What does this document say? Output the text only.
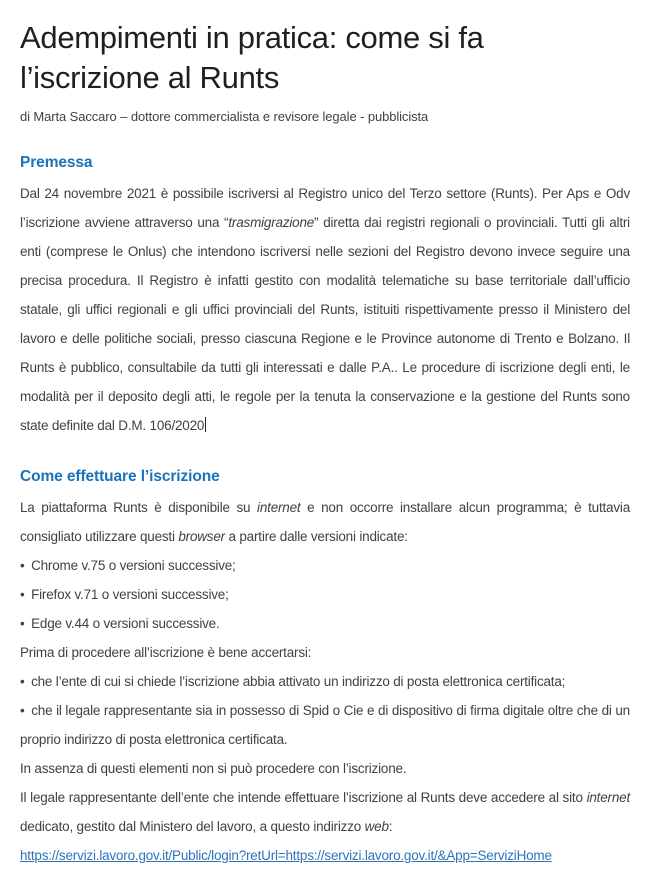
Adempimenti in pratica: come si fa l’iscrizione al Runts

di Marta Saccaro – dottore commercialista e revisore legale - pubblicista

Premessa

Dal 24 novembre 2021 è possibile iscriversi al Registro unico del Terzo settore (Runts). Per Aps e Odv l’iscrizione avviene attraverso una “trasmigrazione” diretta dai registri regionali o provinciali. Tutti gli altri enti (comprese le Onlus) che intendono iscriversi nelle sezioni del Registro devono invece seguire una precisa procedura. Il Registro è infatti gestito con modalità telematiche su base territoriale dall’ufficio statale, gli uffici regionali e gli uffici provinciali del Runts, istituiti rispettivamente presso il Ministero del lavoro e delle politiche sociali, presso ciascuna Regione e le Province autonome di Trento e Bolzano. Il Runts è pubblico, consultabile da tutti gli interessati e dalle P.A.. Le procedure di iscrizione degli enti, le modalità per il deposito degli atti, le regole per la tenuta la conservazione e la gestione del Runts sono state definite dal D.M. 106/2020

Come effettuare l’iscrizione

La piattaforma Runts è disponibile su internet e non occorre installare alcun programma; è tuttavia consigliato utilizzare questi browser a partire dalle versioni indicate:

• Chrome v.75 o versioni successive;

• Firefox v.71 o versioni successive;

• Edge v.44 o versioni successive.

Prima di procedere all’iscrizione è bene accertarsi:

• che l’ente di cui si chiede l’iscrizione abbia attivato un indirizzo di posta elettronica certificata;

• che il legale rappresentante sia in possesso di Spid o Cie e di dispositivo di firma digitale oltre che di un proprio indirizzo di posta elettronica certificata.

In assenza di questi elementi non si può procedere con l’iscrizione.

Il legale rappresentante dell’ente che intende effettuare l’iscrizione al Runts deve accedere al sito internet dedicato, gestito dal Ministero del lavoro, a questo indirizzo web:

https://servizi.lavoro.gov.it/Public/login?retUrl=https://servizi.lavoro.gov.it/&App=ServiziHome
